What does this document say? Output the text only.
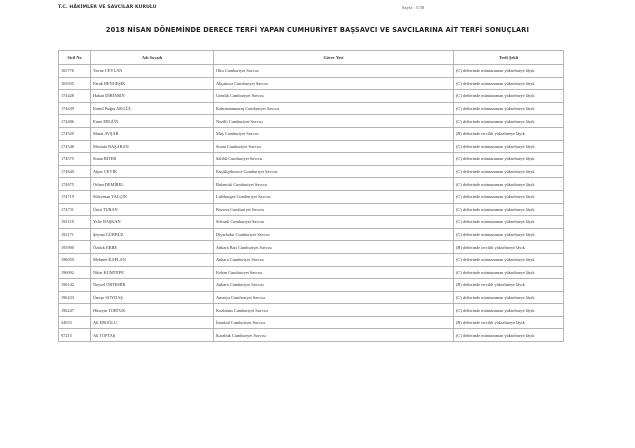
T.C. HÂKİMLER VE SAVCILAR KURULU	Sayfa : 5/38
2018 NİSAN DÖNEMİNDE DERECE TERFİ YAPAN CUMHURİYET BAŞSAVCI VE SAVCILARINA AİT TERFİ SONUÇLARI
Sicil No	Adı Soyadı	Görev Yeri	Terfi Şekli
165776	Yavuz CEYLAN	Oltu Cumhuriyet Savcısı	(C) defterinde müntazaman yükselmeye lâyık
165935	Faruk BENGEŞİK	Akçakoca Cumhuriyet Savcısı	(C) defterinde müntazaman yükselmeye lâyık
174428	Hakan DİRİARIN	Gemlik Cumhuriyet Savcısı	(C) defterinde müntazaman yükselmeye lâyık
174439	Kamil Buğra AKGÜL	Kahramanmaraş Cumhuriyet Savcısı	(C) defterinde müntazaman yükselmeye lâyık
174486	Emre ERGÜN	Nazilli Cumhuriyet Savcısı	(C) defterinde müntazaman yükselmeye lâyık
174520	Murat AVŞAR	Muş Cumhuriyet Savcısı	(B) defterinde tercihli yükselmeye lâyık
174548	Mustafa BAŞARAN	Soma Cumhuriyet Savcısı	(C) defterinde müntazaman yükselmeye lâyık
174575	Sinan BİTER	Salihli Cumhuriyet Savcısı	(C) defterinde müntazaman yükselmeye lâyık
174640	Alper CEVİK	Küçükçekmece Cumhuriyet Savcısı	(C) defterinde müntazaman yükselmeye lâyık
174675	Orhan DEMİREL	Bulancak Cumhuriyet Savcısı	(C) defterinde müntazaman yükselmeye lâyık
174719	Süleyman YALÇIN	Lüleburgaz Cumhuriyet Savcısı	(C) defterinde müntazaman yükselmeye lâyık
174731	Ümit TURAN	Bozova Cumhuriyet Savcısı	(C) defterinde müntazaman yükselmeye lâyık
192118	Yeliz BAŞKAN	Silvanlı Cumhuriyet Savcısı	(C) defterinde müntazaman yükselmeye lâyık
192171	Şeyma GÜRBÜZ	Diyarbakır Cumhuriyet Savcısı	(C) defterinde müntazaman yükselmeye lâyık
195900	Öztürk ERBE	Ankara Batı Cumhuriyet Savcısı	(B) defterinde tercihli yükselmeye lâyık
196050	Mehmet KAPLAN	Ankara Cumhuriyet Savcısı	(C) defterinde müntazaman yükselmeye lâyık
196092	Nihat KUMTEPE	Keban Cumhuriyet Savcısı	(C) defterinde müntazaman yükselmeye lâyık
196142	Neyzel ÖRTEMİR	Ankara Cumhuriyet Savcısı	(B) defterinde tercihli yükselmeye lâyık
196233	Ümrşe SOYDAŞ	Amasya Cumhuriyet Savcısı	(C) defterinde müntazaman yükselmeye lâyık
196247	Hüseyin TORTUK	Kozluhan Cumhuriyet Savcısı	(C) defterinde müntazaman yükselmeye lâyık
34053	Ali EROĞLU	İstanbul Cumhuriyet Savcısı	(B) defterinde tercihli yükselmeye lâyık
97215	Ali TOPTAŞ	Karabük Cumhuriyet Savcısı	(C) defterinde müntazaman yükselmeye lâyık
